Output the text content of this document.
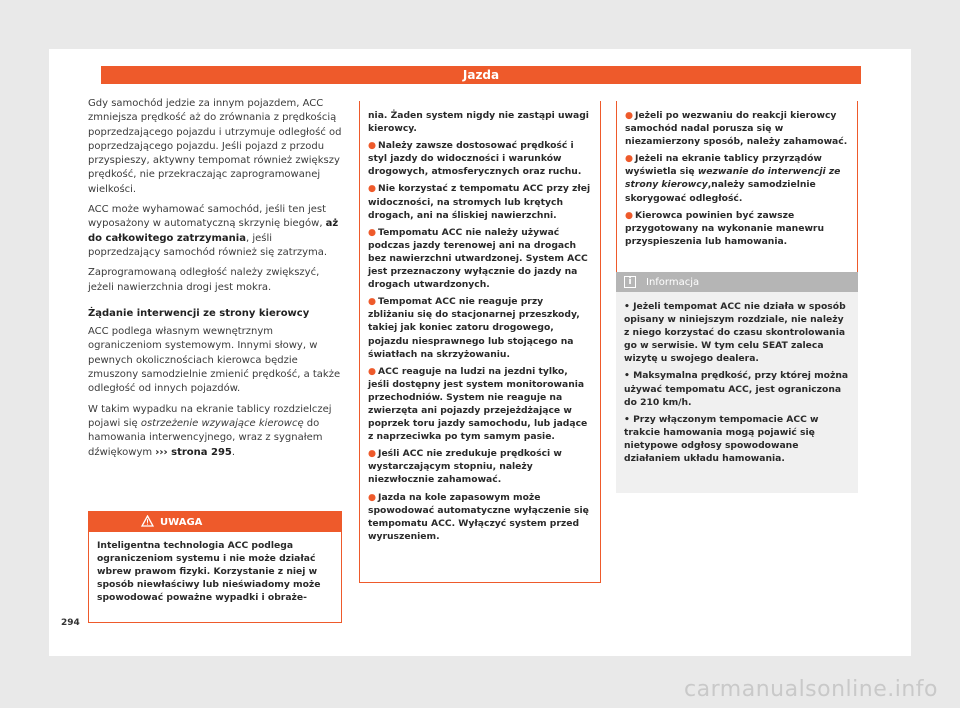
Jazda

Gdy samochód jedzie za innym pojazdem, ACC zmniejsza prędkość aż do zrównania z prędkością poprzedzającego pojazdu i utrzymuje odległość od poprzedzającego pojazdu. Jeśli pojazd z przodu przyspieszy, aktywny tempomat również zwiększy prędkość, nie przekraczając zaprogramowanej wielkości.

ACC może wyhamować samochód, jeśli ten jest wyposażony w automatyczną skrzynię biegów, aż do całkowitego zatrzymania, jeśli poprzedzający samochód również się zatrzyma.

Zaprogramowaną odległość należy zwiększyć, jeżeli nawierzchnia drogi jest mokra.

Żądanie interwencji ze strony kierowcy

ACC podlega własnym wewnętrznym ograniczeniom systemowym. Innymi słowy, w pewnych okolicznościach kierowca będzie zmuszony samodzielnie zmienić prędkość, a także odległość od innych pojazdów.

W takim wypadku na ekranie tablicy rozdzielczej pojawi się ostrzeżenie wzywające kierowcę do hamowania interwencyjnego, wraz z sygnałem dźwiękowym ››› strona 295.

UWAGA
Inteligentna technologia ACC podlega ograniczeniom systemu i nie może działać wbrew prawom fizyki. Korzystanie z niej w sposób niewłaściwy lub nieświadomy może spowodować poważne wypadki i obraże-
nia. Żaden system nigdy nie zastąpi uwagi kierowcy.
● Należy zawsze dostosować prędkość i styl jazdy do widoczności i warunków drogowych, atmosferycznych oraz ruchu.
● Nie korzystać z tempomatu ACC przy złej widoczności, na stromych lub krętych drogach, ani na śliskiej nawierzchni.
● Tempomatu ACC nie należy używać podczas jazdy terenowej ani na drogach bez nawierzchni utwardzonej. System ACC jest przeznaczony wyłącznie do jazdy na drogach utwardzonych.
● Tempomat ACC nie reaguje przy zbliżaniu się do stacjonarnej przeszkody, takiej jak koniec zatoru drogowego, pojazdu niesprawnego lub stojącego na światłach na skrzyżowaniu.
● ACC reaguje na ludzi na jezdni tylko, jeśli dostępny jest system monitorowania przechodniów. System nie reaguje na zwierzęta ani pojazdy przejeżdżające w poprzek toru jazdy samochodu, lub jadące z naprzeciwka po tym samym pasie.
● Jeśli ACC nie zredukuje prędkości w wystarczającym stopniu, należy niezwłocznie zahamować.
● Jazda na kole zapasowym może spowodować automatyczne wyłączenie się tempomatu ACC. Wyłączyć system przed wyruszeniem.
● Jeżeli po wezwaniu do reakcji kierowcy samochód nadal porusza się w niezamierzony sposób, należy zahamować.
● Jeżeli na ekranie tablicy przyrządów wyświetla się wezwanie do interwencji ze strony kierowcy,należy samodzielnie skorygować odległość.
● Kierowca powinien być zawsze przygotowany na wykonanie manewru przyspieszenia lub hamowania.
i	Informacja
• Jeżeli tempomat ACC nie działa w sposób opisany w niniejszym rozdziale, nie należy z niego korzystać do czasu skontrolowania go w serwisie. W tym celu SEAT zaleca wizytę u swojego dealera.
• Maksymalna prędkość, przy której można używać tempomatu ACC, jest ograniczona do 210 km/h.
• Przy włączonym tempomacie ACC w trakcie hamowania mogą pojawić się nietypowe odgłosy spowodowane działaniem układu hamowania.
294
carmanualsonline.info
